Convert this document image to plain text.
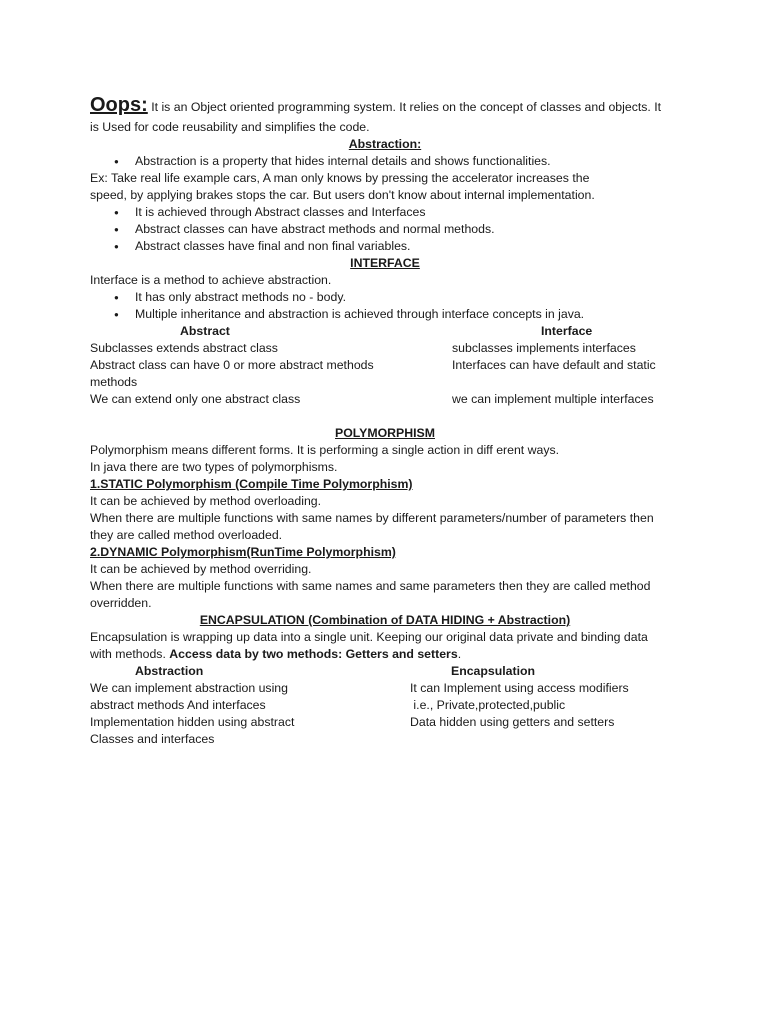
Oops: It is an Object oriented programming system. It relies on the concept of classes and objects. It

is Used for code reusability and simplifies the code.

Abstraction:

● Abstraction is a property that hides internal details and shows functionalities.

Ex: Take real life example cars, A man only knows by pressing the accelerator increases the

speed, by applying brakes stops the car. But users don't know about internal implementation.

● It is achieved through Abstract classes and Interfaces
● Abstract classes can have abstract methods and normal methods.
● Abstract classes have final and non final variables.

INTERFACE

Interface is a method to achieve abstraction.

● It has only abstract methods no - body.
● Multiple inheritance and abstraction is achieved through interface concepts in java.
Abstract	Interface
Subclasses extends abstract class	subclasses implements interfaces
Abstract class can have 0 or more abstract methods	Interfaces can have default and static
methods
We can extend only one abstract class	we can implement multiple interfaces

POLYMORPHISM

Polymorphism means different forms. It is performing a single action in diff erent ways.

In java there are two types of polymorphisms.

1.STATIC Polymorphism (Compile Time Polymorphism)

It can be achieved by method overloading.

When there are multiple functions with same names by different parameters/number of parameters then

they are called method overloaded.

2.DYNAMIC Polymorphism(RunTime Polymorphism)

It can be achieved by method overriding.

When there are multiple functions with same names and same parameters then they are called method

overridden.

ENCAPSULATION (Combination of DATA HIDING + Abstraction)

Encapsulation is wrapping up data into a single unit. Keeping our original data private and binding data

with methods. Access data by two methods: Getters and setters.

Abstraction	Encapsulation
We can implement abstraction using	It can Implement using access modifiers
abstract methods And interfaces	i.e., Private,protected,public
Implementation hidden using abstract	Data hidden using getters and setters
Classes and interfaces
